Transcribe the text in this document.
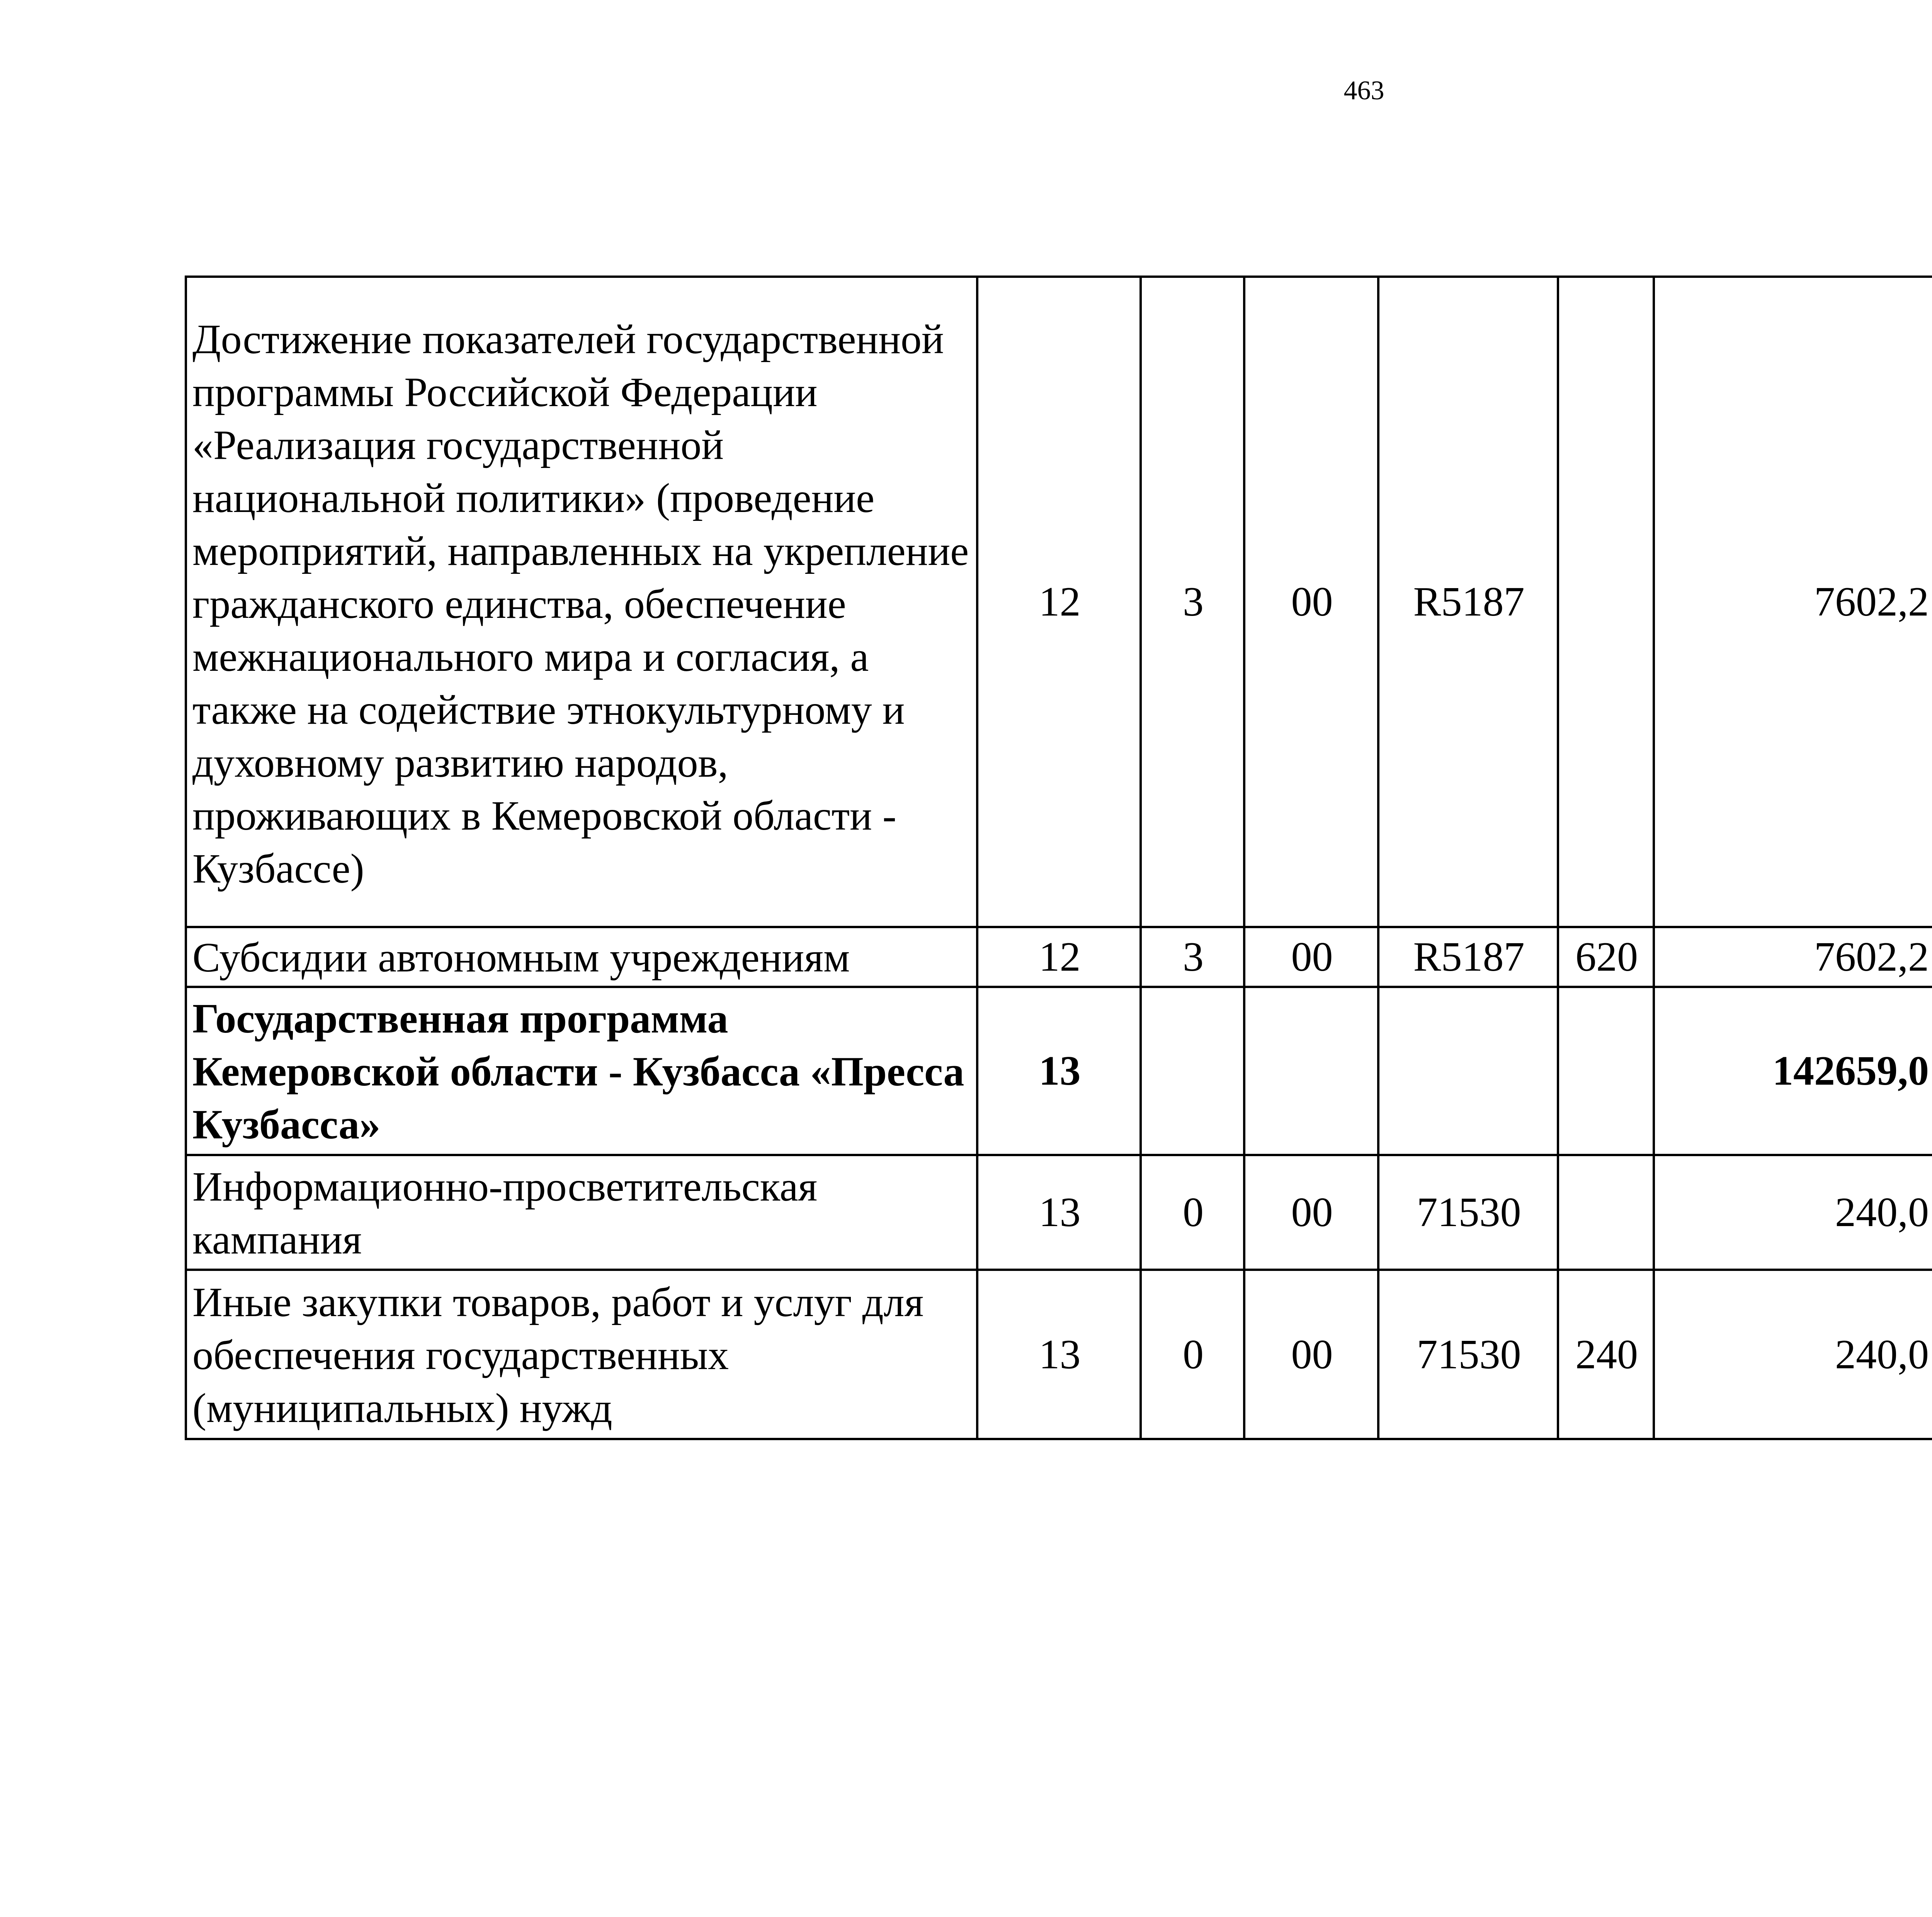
463
Достижение показателей государственной программы Российской Федерации «Реализация государственной национальной политики» (проведение мероприятий, направленных на укрепление гражданского единства, обеспечение межнационального мира и согласия, а также на содействие этнокультурному и духовному развитию народов, проживающих в Кемеровской области - Кузбассе)	12	3	00	R5187		7602,2		
Субсидии автономным учреждениям	12	3	00	R5187	620	7602,2		
Государственная программа Кемеровской области - Кузбасса «Пресса Кузбасса»	13					142659,0		
Информационно-просветительская кампания	13	0	00	71530		240,0		
Иные закупки товаров, работ и услуг для обеспечения государственных (муниципальных) нужд	13	0	00	71530	240	240,0		
